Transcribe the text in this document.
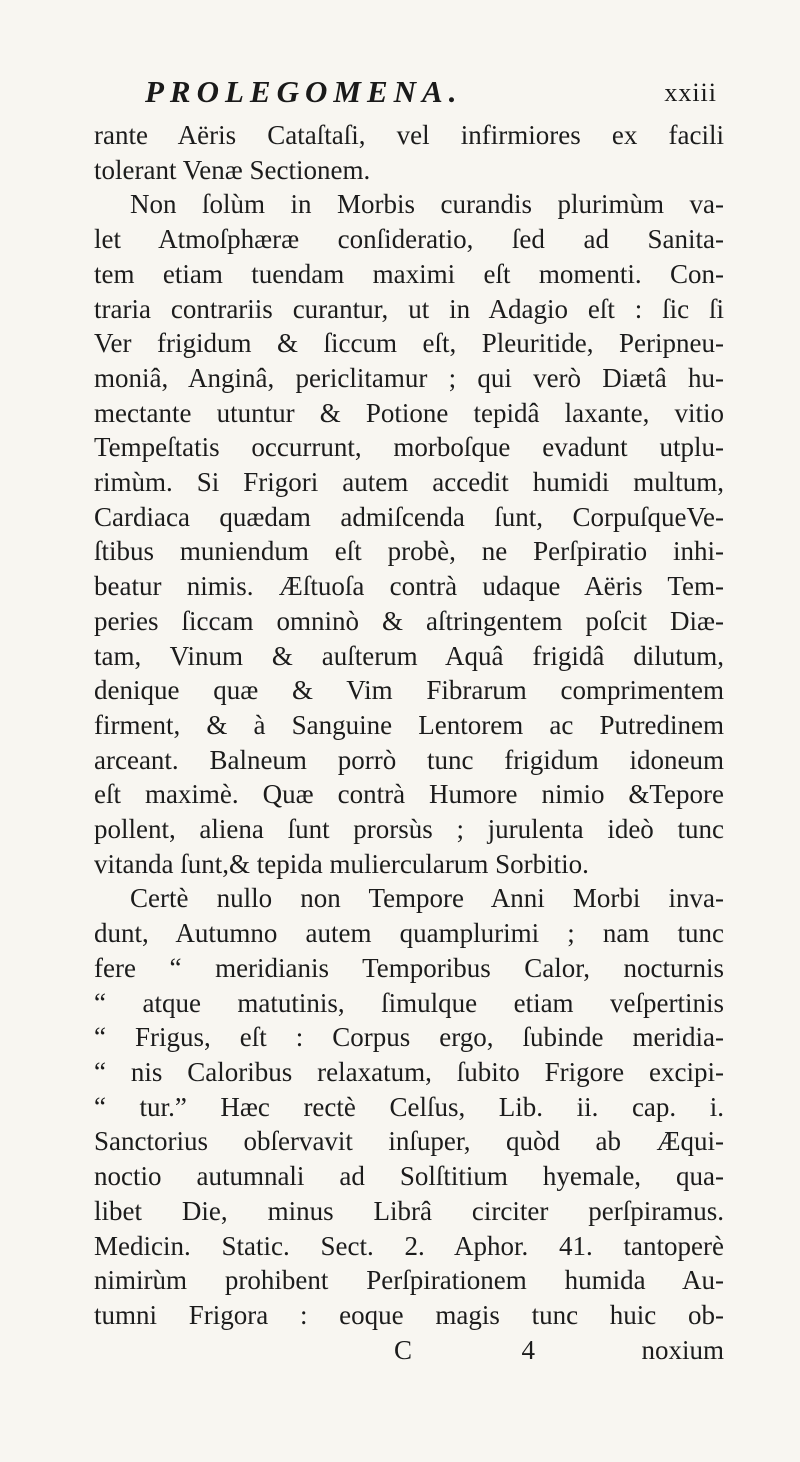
PROLEGOMENA.	xxiii
rante Aëris Cataſtaſi, vel infirmiores ex facili
tolerant Venæ Sectionem.
Non ſolùm in Morbis curandis plurimùm va-
let Atmoſphæræ conſideratio, ſed ad Sanita-
tem etiam tuendam maximi eſt momenti. Con-
traria contrariis curantur, ut in Adagio eſt : ſic ſi
Ver frigidum & ſiccum eſt, Pleuritide, Peripneu-
moniâ, Anginâ, periclitamur ; qui verò Diætâ hu-
mectante utuntur & Potione tepidâ laxante, vitio
Tempeſtatis occurrunt, morboſque evadunt utplu-
rimùm. Si Frigori autem accedit humidi multum,
Cardiaca quædam admiſcenda ſunt, CorpuſqueVe-
ſtibus muniendum eſt probè, ne Perſpiratio inhi-
beatur nimis. Æſtuoſa contrà udaque Aëris Tem-
peries ſiccam omninò & aſtringentem poſcit Diæ-
tam, Vinum & auſterum Aquâ frigidâ dilutum,
denique quæ & Vim Fibrarum comprimentem
firment, & à Sanguine Lentorem ac Putredinem
arceant. Balneum porrò tunc frigidum idoneum
eſt maximè. Quæ contrà Humore nimio &Tepore
pollent, aliena ſunt prorsùs ; jurulenta ideò tunc
vitanda ſunt,& tepida muliercularum Sorbitio.
Certè nullo non Tempore Anni Morbi inva-
dunt, Autumno autem quamplurimi ; nam tunc
fere “ meridianis Temporibus Calor, nocturnis
“ atque matutinis, ſimulque etiam veſpertinis
“ Frigus, eſt : Corpus ergo, ſubinde meridia-
“ nis Caloribus relaxatum, ſubito Frigore excipi-
“ tur.” Hæc rectè Celſus, Lib. ii. cap. i.
Sanctorius obſervavit inſuper, quòd ab Æqui-
noctio autumnali ad Solſtitium hyemale, qua-
libet Die, minus Librâ circiter perſpiramus.
Medicin. Static. Sect. 2. Aphor. 41. tantoperè
nimirùm prohibent Perſpirationem humida Au-
tumni Frigora : eoque magis tunc huic ob-
C 4	noxium
